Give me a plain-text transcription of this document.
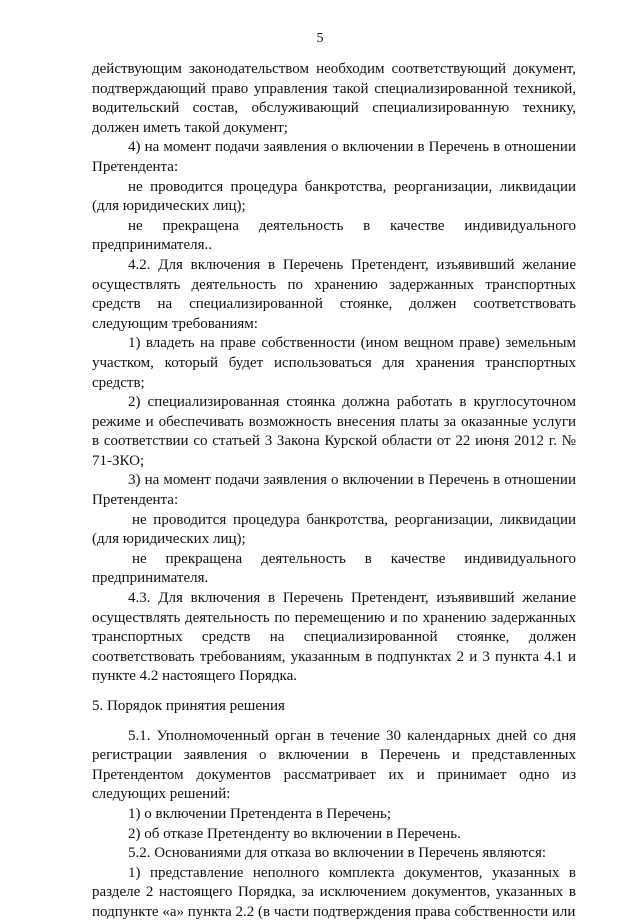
5

действующим законодательством необходим соответствующий документ, подтверждающий право управления такой специализированной техникой, водительский состав, обслуживающий специализированную технику, должен иметь такой документ;

4) на момент подачи заявления о включении в Перечень в отношении Претендента:

не проводится процедура банкротства, реорганизации, ликвидации (для юридических лиц);

не прекращена деятельность в качестве индивидуального предпринимателя..

4.2. Для включения в Перечень Претендент, изъявивший желание осуществлять деятельность по хранению задержанных транспортных средств на специализированной стоянке, должен соответствовать следующим требованиям:

1) владеть на праве собственности (ином вещном праве) земельным участком, который будет использоваться для хранения транспортных средств;

2) специализированная стоянка должна работать в круглосуточном режиме и обеспечивать возможность внесения платы за оказанные услуги в соответствии со статьей 3 Закона Курской области от 22 июня 2012 г. № 71-ЗКО;

3) на момент подачи заявления о включении в Перечень в отношении Претендента:

не проводится процедура банкротства, реорганизации, ликвидации (для юридических лиц);

не прекращена деятельность в качестве индивидуального предпринимателя.

4.3. Для включения в Перечень Претендент, изъявивший желание осуществлять деятельность по перемещению и по хранению задержанных транспортных средств на специализированной стоянке, должен соответствовать требованиям, указанным в подпунктах 2 и 3 пункта 4.1 и пункте 4.2 настоящего Порядка.

5. Порядок принятия решения

5.1. Уполномоченный орган в течение 30 календарных дней со дня регистрации заявления о включении в Перечень и представленных Претендентом документов рассматривает их и принимает одно из следующих решений:

1) о включении Претендента в Перечень;

2) об отказе Претенденту во включении в Перечень.

5.2. Основаниями для отказа во включении в Перечень являются:

1) представление неполного комплекта документов, указанных в разделе 2 настоящего Порядка, за исключением документов, указанных в подпункте «а» пункта 2.2 (в части подтверждения права собственности или
